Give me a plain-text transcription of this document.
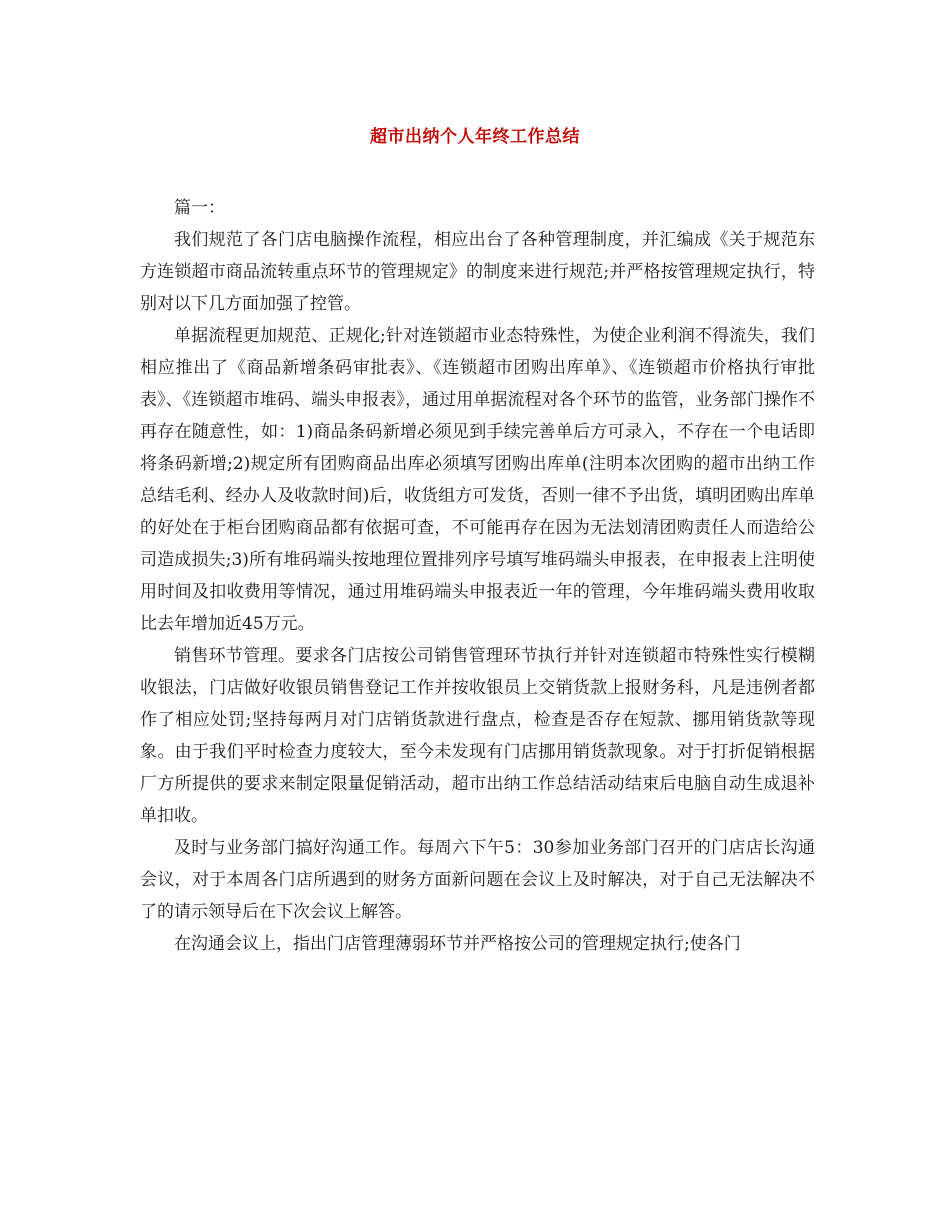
超市出纳个人年终工作总结

篇一：

我们规范了各门店电脑操作流程，相应出台了各种管理制度，并汇编成《关于规范东方连锁超市商品流转重点环节的管理规定》的制度来进行规范;并严格按管理规定执行，特别对以下几方面加强了控管。

单据流程更加规范、正规化;针对连锁超市业态特殊性，为使企业利润不得流失，我们相应推出了《商品新增条码审批表》、《连锁超市团购出库单》、《连锁超市价格执行审批表》、《连锁超市堆码、端头申报表》，通过用单据流程对各个环节的监管，业务部门操作不再存在随意性，如：1)商品条码新增必须见到手续完善单后方可录入，不存在一个电话即将条码新增;2)规定所有团购商品出库必须填写团购出库单(注明本次团购的超市出纳工作总结毛利、经办人及收款时间)后，收货组方可发货，否则一律不予出货，填明团购出库单的好处在于柜台团购商品都有依据可查，不可能再存在因为无法划清团购责任人而造给公司造成损失;3)所有堆码端头按地理位置排列序号填写堆码端头申报表，在申报表上注明使用时间及扣收费用等情况，通过用堆码端头申报表近一年的管理，今年堆码端头费用收取比去年增加近45万元。

销售环节管理。要求各门店按公司销售管理环节执行并针对连锁超市特殊性实行模糊收银法，门店做好收银员销售登记工作并按收银员上交销货款上报财务科，凡是违例者都作了相应处罚;坚持每两月对门店销货款进行盘点，检查是否存在短款、挪用销货款等现象。由于我们平时检查力度较大，至今未发现有门店挪用销货款现象。对于打折促销根据厂方所提供的要求来制定限量促销活动，超市出纳工作总结活动结束后电脑自动生成退补单扣收。

及时与业务部门搞好沟通工作。每周六下午5：30参加业务部门召开的门店店长沟通会议，对于本周各门店所遇到的财务方面新问题在会议上及时解决，对于自己无法解决不了的请示领导后在下次会议上解答。

在沟通会议上，指出门店管理薄弱环节并严格按公司的管理规定执行;使各门
